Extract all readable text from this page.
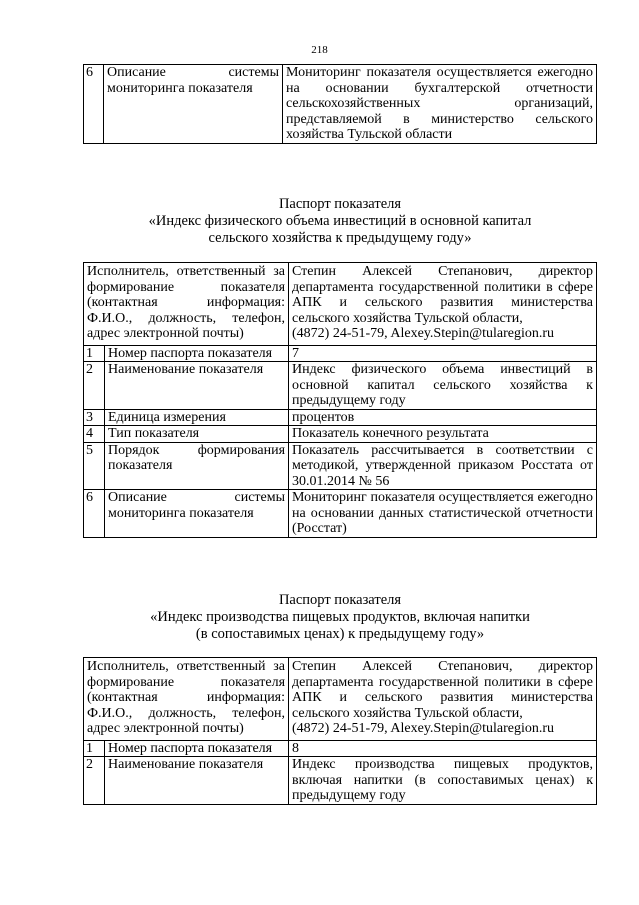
218
6	Описание системы мониторинга показателя	Мониторинг показателя осуществляется ежегодно на основании бухгалтерской отчетности сельскохозяйственных организаций, представляемой в министерство сельского хозяйства Тульской области
Паспорт показателя
«Индекс физического объема инвестиций в основной капитал
сельского хозяйства к предыдущему году»
Исполнитель, ответственный за формирование показателя (контактная информация: Ф.И.О., должность, телефон, адрес электронной почты)		Степин Алексей Степанович, директор департамента государственной политики в сфере АПК и сельского развития министерства сельского хозяйства Тульской области,
(4872) 24-51-79, Alexey.Stepin@tularegion.ru

1	Номер паспорта показателя	7
2	Наименование показателя	Индекс физического объема инвестиций в основной капитал сельского хозяйства к предыдущему году
3	Единица измерения	процентов
4	Тип показателя	Показатель конечного результата
5	Порядок формирования показателя	Показатель рассчитывается в соответствии с методикой, утвержденной приказом Росстата от 30.01.2014 № 56
6	Описание системы мониторинга показателя	Мониторинг показателя осуществляется ежегодно на основании данных статистической отчетности (Росстат)
Паспорт показателя
«Индекс производства пищевых продуктов, включая напитки
(в сопоставимых ценах) к предыдущему году»
Исполнитель, ответственный за формирование показателя (контактная информация: Ф.И.О., должность, телефон, адрес электронной почты)		Степин Алексей Степанович, директор департамента государственной политики в сфере АПК и сельского развития министерства сельского хозяйства Тульской области,
(4872) 24-51-79, Alexey.Stepin@tularegion.ru

1	Номер паспорта показателя	8
2	Наименование показателя	Индекс производства пищевых продуктов, включая напитки (в сопоставимых ценах) к предыдущему году
